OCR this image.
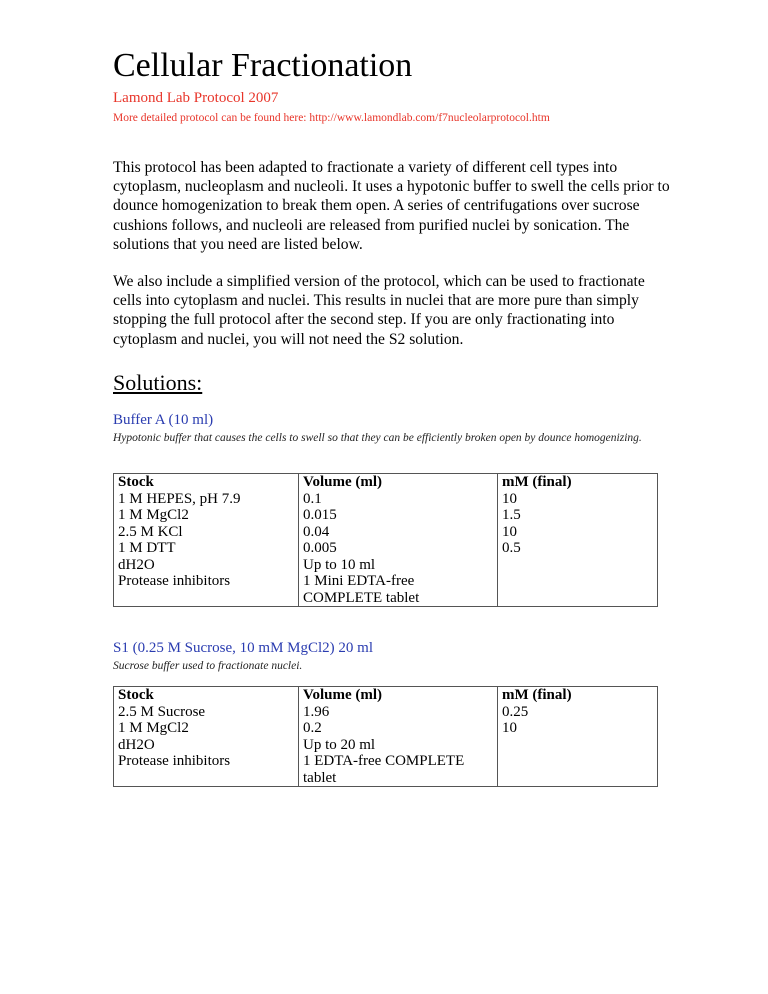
Cellular Fractionation
Lamond Lab Protocol 2007
More detailed protocol can be found here: http://www.lamondlab.com/f7nucleolarprotocol.htm

This protocol has been adapted to fractionate a variety of different cell types into cytoplasm, nucleoplasm and nucleoli. It uses a hypotonic buffer to swell the cells prior to dounce homogenization to break them open. A series of centrifugations over sucrose cushions follows, and nucleoli are released from purified nuclei by sonication. The solutions that you need are listed below.

We also include a simplified version of the protocol, which can be used to fractionate cells into cytoplasm and nuclei. This results in nuclei that are more pure than simply stopping the full protocol after the second step. If you are only fractionating into cytoplasm and nuclei, you will not need the S2 solution.

Solutions:
Buffer A (10 ml)
Hypotonic buffer that causes the cells to swell so that they can be efficiently broken open by dounce homogenizing.
Stock	Volume (ml)	mM (final)
1 M HEPES, pH 7.9	0.1	10
1 M MgCl2	0.015	1.5
2.5 M KCl	0.04	10
1 M DTT	0.005	0.5
dH2O	Up to 10 ml	
Protease inhibitors	1 Mini EDTA-free COMPLETE tablet	
S1 (0.25 M Sucrose, 10 mM MgCl2) 20 ml
Sucrose buffer used to fractionate nuclei.
Stock	Volume (ml)	mM (final)
2.5 M Sucrose	1.96	0.25
1 M MgCl2	0.2	10
dH2O	Up to 20 ml	
Protease inhibitors	1 EDTA-free COMPLETE tablet	
